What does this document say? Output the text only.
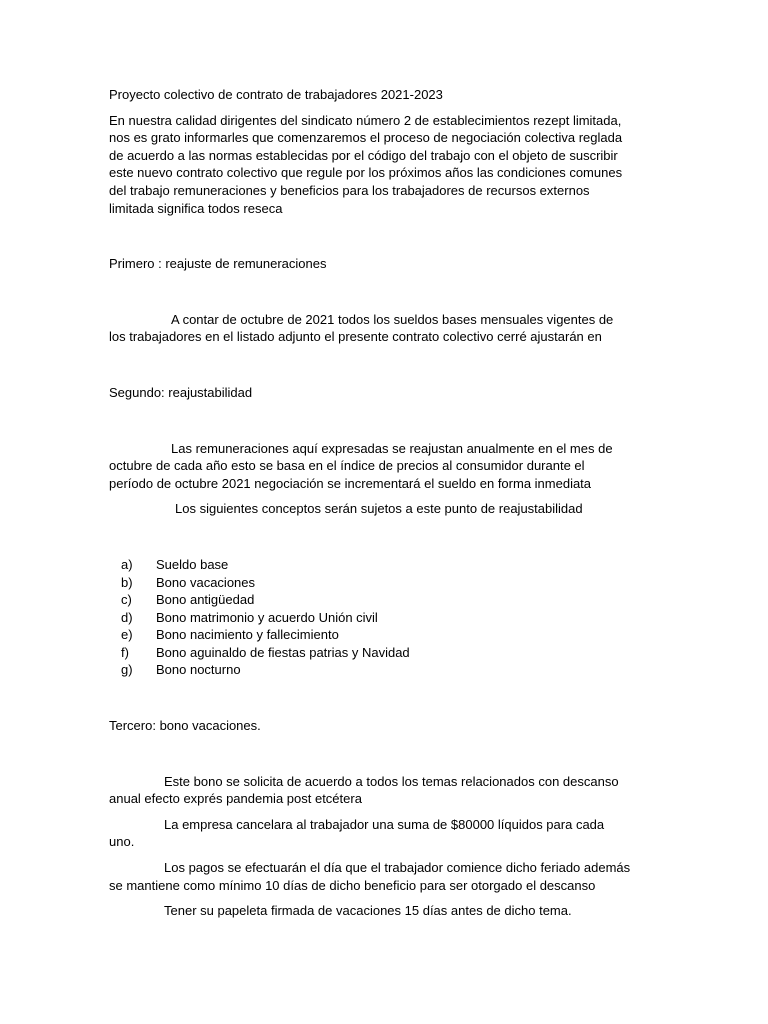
Proyecto colectivo de contrato de trabajadores 2021-2023

En nuestra calidad dirigentes del sindicato número 2 de establecimientos rezept limitada, nos es grato informarles que comenzaremos el proceso de negociación colectiva reglada de acuerdo a las normas establecidas por el código del trabajo con el objeto de suscribir este nuevo contrato colectivo que regule por los próximos años las condiciones comunes del trabajo remuneraciones y beneficios para los trabajadores de recursos externos limitada significa todos reseca

Primero : reajuste de remuneraciones

A contar de octubre de 2021 todos los sueldos bases mensuales vigentes de los trabajadores en el listado adjunto el presente contrato colectivo cerré ajustarán en

Segundo: reajustabilidad

Las remuneraciones aquí expresadas se reajustan anualmente en el mes de octubre de cada año esto se basa en el índice de precios al consumidor durante el período de octubre 2021 negociación se incrementará el sueldo en forma inmediata

Los siguientes conceptos serán sujetos a este punto de reajustabilidad

a)	Sueldo base
b)	Bono vacaciones
c)	Bono antigüedad
d)	Bono matrimonio y acuerdo Unión civil
e)	Bono nacimiento y fallecimiento
f)	Bono aguinaldo de fiestas patrias y Navidad
g)	Bono nocturno

Tercero: bono vacaciones.

Este bono se solicita de acuerdo a todos los temas relacionados con descanso anual efecto exprés pandemia post etcétera

La empresa cancelara al trabajador una suma de $80000 líquidos para cada uno.

Los pagos se efectuarán el día que el trabajador comience dicho feriado además se mantiene como mínimo 10 días de dicho beneficio para ser otorgado el descanso

Tener su papeleta firmada de vacaciones 15 días antes de dicho tema.
